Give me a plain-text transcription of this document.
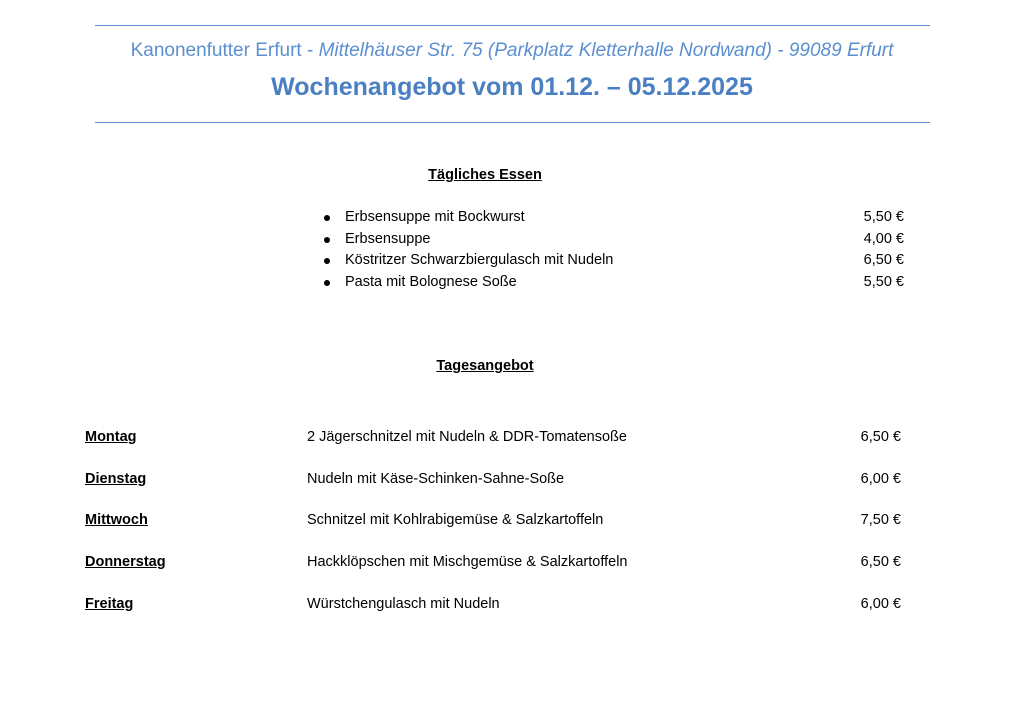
Kanonenfutter Erfurt - Mittelhäuser Str. 75 (Parkplatz Kletterhalle Nordwand) - 99089 Erfurt
Wochenangebot vom 01.12. – 05.12.2025
Tägliches Essen
Erbsensuppe mit Bockwurst	5,50 €
Erbsensuppe	4,00 €
Köstritzer Schwarzbiergulasch mit Nudeln	6,50 €
Pasta mit Bolognese Soße	5,50 €
Tagesangebot
Montag	2 Jägerschnitzel mit Nudeln & DDR-Tomatensoße	6,50 €
Dienstag	Nudeln mit Käse-Schinken-Sahne-Soße	6,00 €
Mittwoch	Schnitzel mit Kohlrabigemüse & Salzkartoffeln	7,50 €
Donnerstag	Hackklöpschen mit Mischgemüse & Salzkartoffeln	6,50 €
Freitag	Würstchengulasch mit Nudeln	6,00 €
